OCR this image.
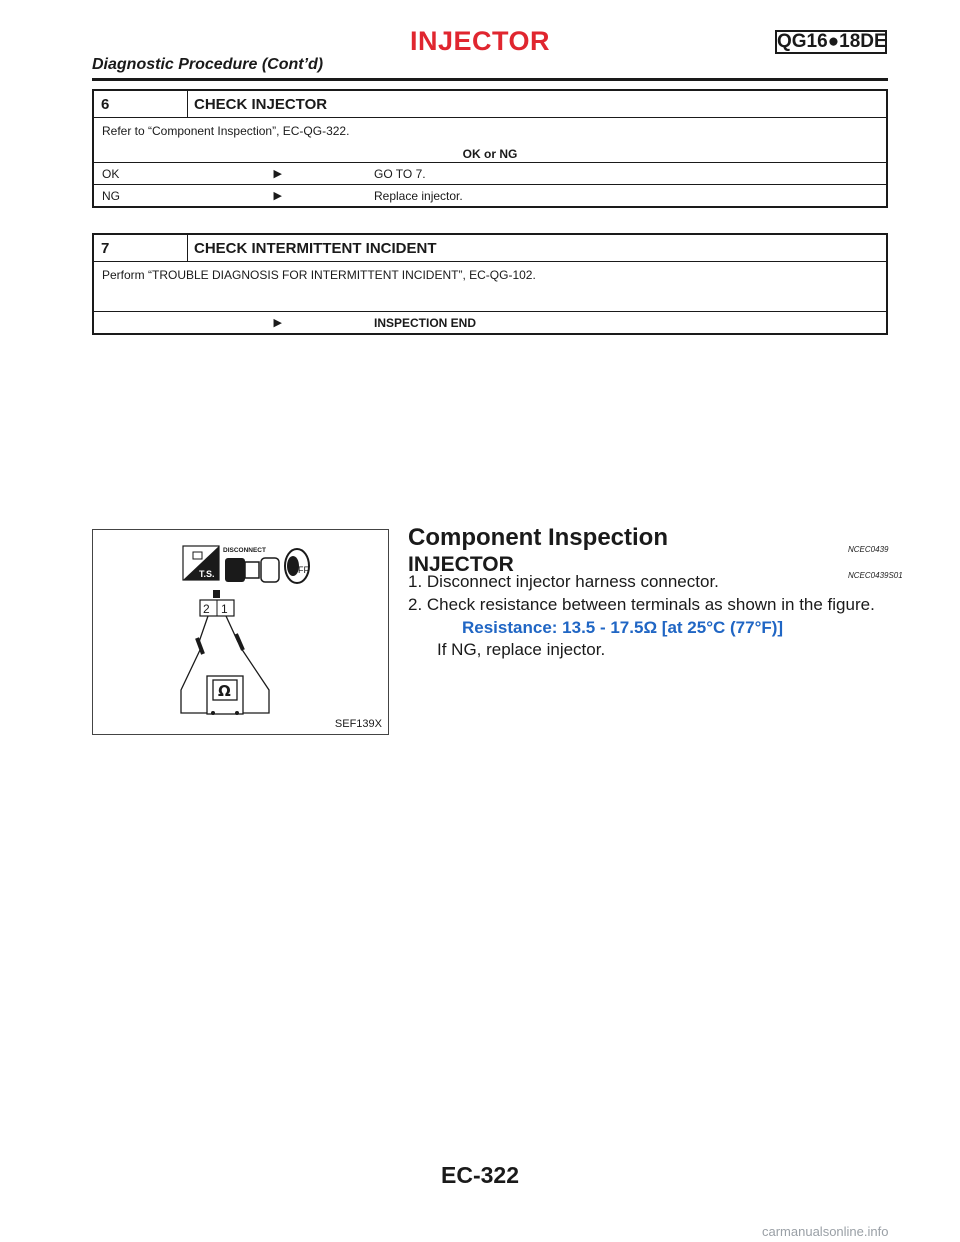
INJECTOR	QG16●18DE
Diagnostic Procedure (Cont’d)
6	CHECK INJECTOR
Refer to “Component Inspection”, EC-QG-322.
OK or NG
OK	▶	GO TO 7.
NG	▶	Replace injector.
7	CHECK INTERMITTENT INCIDENT
Perform “TROUBLE DIAGNOSIS FOR INTERMITTENT INCIDENT”, EC-QG-102.
▶	INSPECTION END
T.S.
DISCONNECT
OFF
2 1
Ω
SEF139X
Component Inspection	NCEC0439
INJECTOR	NCEC0439S01
1. Disconnect injector harness connector.
2. Check resistance between terminals as shown in the figure.
Resistance: 13.5 - 17.5Ω [at 25°C (77°F)]
If NG, replace injector.
EC-322
carmanualsonline.info
